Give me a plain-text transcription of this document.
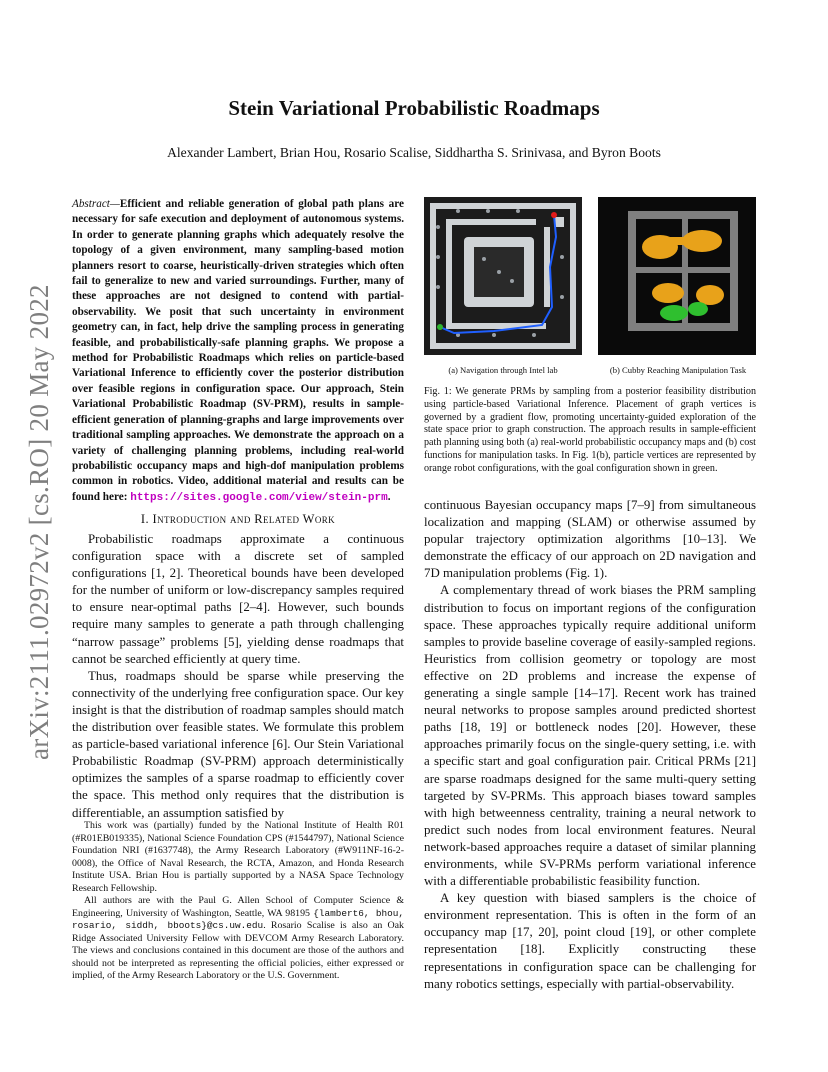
Stein Variational Probabilistic Roadmaps
Alexander Lambert, Brian Hou, Rosario Scalise, Siddhartha S. Srinivasa, and Byron Boots
arXiv:2111.02972v2 [cs.RO] 20 May 2022
Abstract—Efficient and reliable generation of global path plans are necessary for safe execution and deployment of autonomous systems. In order to generate planning graphs which adequately resolve the topology of a given environment, many sampling-based motion planners resort to coarse, heuristically-driven strategies which often fail to generalize to new and varied surroundings. Further, many of these approaches are not designed to contend with partial-observability. We posit that such uncertainty in environment geometry can, in fact, help drive the sampling process in generating feasible, and probabilistically-safe planning graphs. We propose a method for Probabilistic Roadmaps which relies on particle-based Variational Inference to efficiently cover the posterior distribution over feasible regions in configuration space. Our approach, Stein Variational Probabilistic Roadmap (SV-PRM), results in sample-efficient generation of planning-graphs and large improvements over traditional sampling approaches. We demonstrate the approach on a variety of challenging planning problems, including real-world probabilistic occupancy maps and high-dof manipulation problems common in robotics. Video, additional material and results can be found here: https://sites.google.com/view/stein-prm.
I. Introduction and Related Work

Probabilistic roadmaps approximate a continuous configuration space with a discrete set of sampled configurations [1, 2]. Theoretical bounds have been developed for the number of uniform or low-discrepancy samples required to ensure near-optimal paths [2–4]. However, such bounds require many samples to generate a path through challenging “narrow passage” problems [5], yielding dense roadmaps that cannot be searched efficiently at query time.

Thus, roadmaps should be sparse while preserving the connectivity of the underlying free configuration space. Our key insight is that the distribution of roadmap samples should match the distribution over feasible states. We formulate this problem as particle-based variational inference [6]. Our Stein Variational Probabilistic Roadmap (SV-PRM) approach deterministically optimizes the samples of a sparse roadmap to efficiently cover the space. This method only requires that the distribution is differentiable, an assumption satisfied by

This work was (partially) funded by the National Institute of Health R01 (#R01EB019335), National Science Foundation CPS (#1544797), National Science Foundation NRI (#1637748), the Army Research Laboratory (#W911NF-16-2-0008), the Office of Naval Research, the RCTA, Amazon, and Honda Research Institute USA. Brian Hou is partially supported by a NASA Space Technology Research Fellowship.

All authors are with the Paul G. Allen School of Computer Science & Engineering, University of Washington, Seattle, WA 98195 {lambert6, bhou, rosario, siddh, bboots}@cs.uw.edu. Rosario Scalise is also an Oak Ridge Associated University Fellow with DEVCOM Army Research Laboratory. The views and conclusions contained in this document are those of the authors and should not be interpreted as representing the official policies, either expressed or implied, of the Army Research Laboratory or the U.S. Government.

(a) Navigation through Intel lab	(b) Cubby Reaching Manipulation Task
Fig. 1: We generate PRMs by sampling from a posterior feasibility distribution using particle-based Variational Inference. Placement of graph vertices is governed by a gradient flow, promoting uncertainty-guided exploration of the state space prior to graph construction. The approach results in sample-efficient path planning using both (a) real-world probabilistic occupancy maps and (b) cost functions for manipulation tasks. In Fig. 1(b), particle vertices are represented by orange robot configurations, with the goal configuration shown in green.

continuous Bayesian occupancy maps [7–9] from simultaneous localization and mapping (SLAM) or otherwise assumed by popular trajectory optimization algorithms [10–13]. We demonstrate the efficacy of our approach on 2D navigation and 7D manipulation problems (Fig. 1).

A complementary thread of work biases the PRM sampling distribution to focus on important regions of the configuration space. These approaches typically require additional uniform samples to provide baseline coverage of easily-sampled regions. Heuristics from collision geometry or topology are most effective on 2D problems and increase the expense of generating a single sample [14–17]. Recent work has trained neural networks to propose samples around predicted shortest paths [18, 19] or bottleneck nodes [20]. However, these approaches primarily focus on the single-query setting, i.e. with a specific start and goal configuration pair. Critical PRMs [21] are sparse roadmaps designed for the same multi-query setting targeted by SV-PRMs. This approach biases toward samples with high betweenness centrality, training a neural network to predict such nodes from local environment features. Neural network-based approaches require a dataset of similar planning environments, while SV-PRMs perform variational inference with a differentiable probabilistic feasibility function.

A key question with biased samplers is the choice of environment representation. This is often in the form of an occupancy map [17, 20], point cloud [19], or other complete representation [18]. Explicitly constructing these representations in configuration space can be challenging for many robotics settings, especially with partial-observability.
